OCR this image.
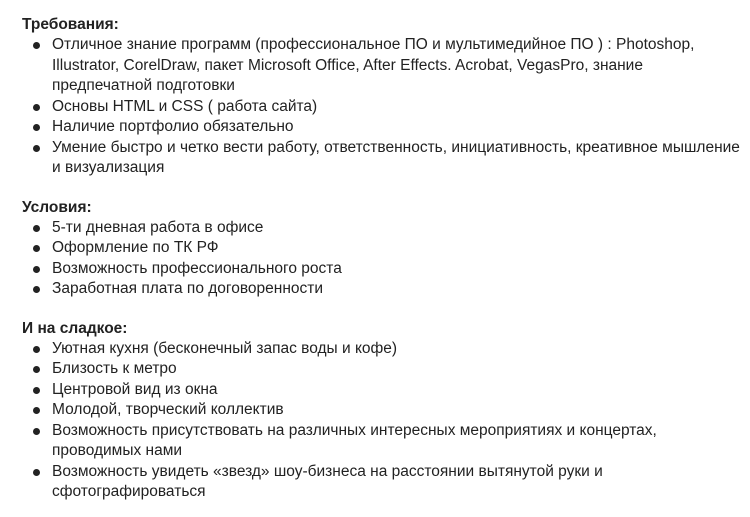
Требования:

Отличное знание программ (профессиональное ПО и мультимедийное ПО ) : Photoshop, Illustrator, CorelDraw, пакет Microsoft Office, After Effects. Acrobat, VegasPro, знание предпечатной подготовки
Основы HTML и CSS ( работа сайта)
Наличие портфолио обязательно
Умение быстро и четко вести работу, ответственность, инициативность, креативное мышление и визуализация

Условия:

5-ти дневная работа в офисе
Оформление по ТК РФ
Возможность профессионального роста
Заработная плата по договоренности

И на сладкое:

Уютная кухня (бесконечный запас воды и кофе)
Близость к метро
Центровой вид из окна
Молодой, творческий коллектив
Возможность присутствовать на различных интересных мероприятиях и концертах, проводимых нами
Возможность увидеть «звезд» шоу-бизнеса на расстоянии вытянутой руки и сфотографироваться
